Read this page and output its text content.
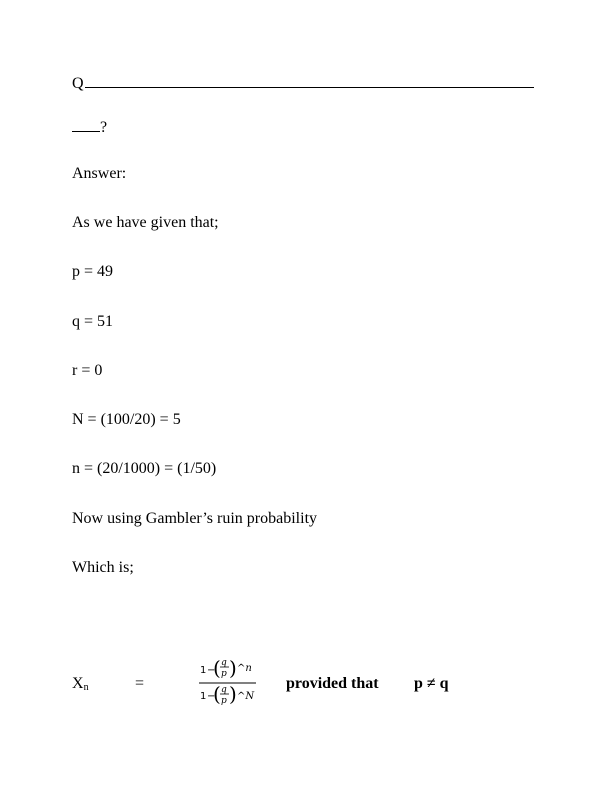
Q
?
Answer:
As we have given that;
p = 49
q = 51
r = 0
N = (100/20) = 5
n = (20/1000) = (1/50)
Now using Gambler’s ruin probability
Which is;
$X_n$	=
1 −
( q
p ) ^n
1 −
( q
p ) ^N
provided that p ≠ q
